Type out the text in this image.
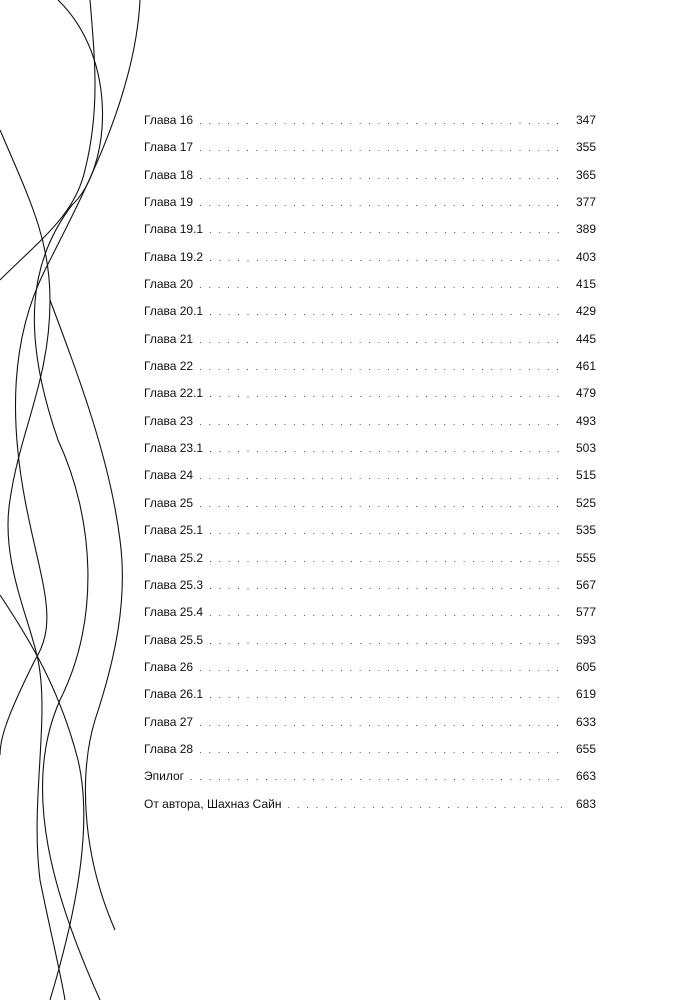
Глава 16 . . .	347
Глава 17 . . .	355
Глава 18 . . .	365
Глава 19 . . .	377
Глава 19.1 . . .	389
Глава 19.2 . . .	403
Глава 20 . . .	415
Глава 20.1 . . .	429
Глава 21 . . .	445
Глава 22 . . .	461
Глава 22.1 . . .	479
Глава 23 . . .	493
Глава 23.1 . . .	503
Глава 24 . . .	515
Глава 25 . . .	525
Глава 25.1 . . .	535
Глава 25.2 . . .	555
Глава 25.3 . . .	567
Глава 25.4 . . .	577
Глава 25.5 . . .	593
Глава 26 . . .	605
Глава 26.1 . . .	619
Глава 27 . . .	633
Глава 28 . . .	655
Эпилог . . .	663
От автора, Шахназ Сайн . . .	683
